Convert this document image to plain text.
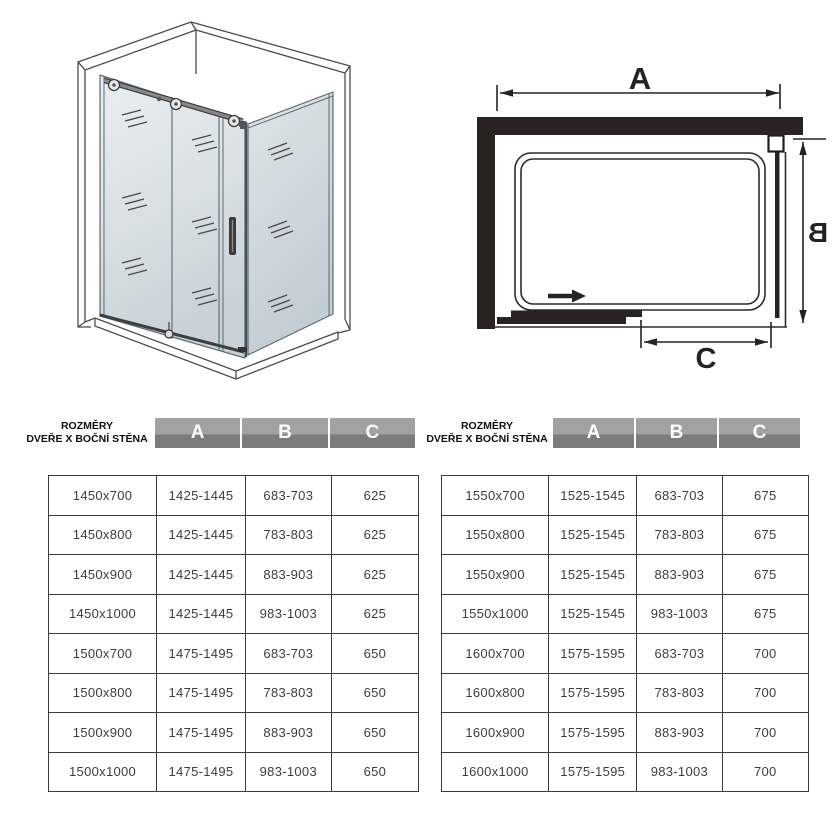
A
B
C
ROZMĚRY
DVEŘE X BOČNÍ STĚNA	A	B	C
1450x700	1425-1445	683-703	625
1450x800	1425-1445	783-803	625
1450x900	1425-1445	883-903	625
1450x1000	1425-1445	983-1003	625
1500x700	1475-1495	683-703	650
1500x800	1475-1495	783-803	650
1500x900	1475-1495	883-903	650
1500x1000	1475-1495	983-1003	650
ROZMĚRY
DVEŘE X BOČNÍ STĚNA	A	B	C
1550x700	1525-1545	683-703	675
1550x800	1525-1545	783-803	675
1550x900	1525-1545	883-903	675
1550x1000	1525-1545	983-1003	675
1600x700	1575-1595	683-703	700
1600x800	1575-1595	783-803	700
1600x900	1575-1595	883-903	700
1600x1000	1575-1595	983-1003	700
